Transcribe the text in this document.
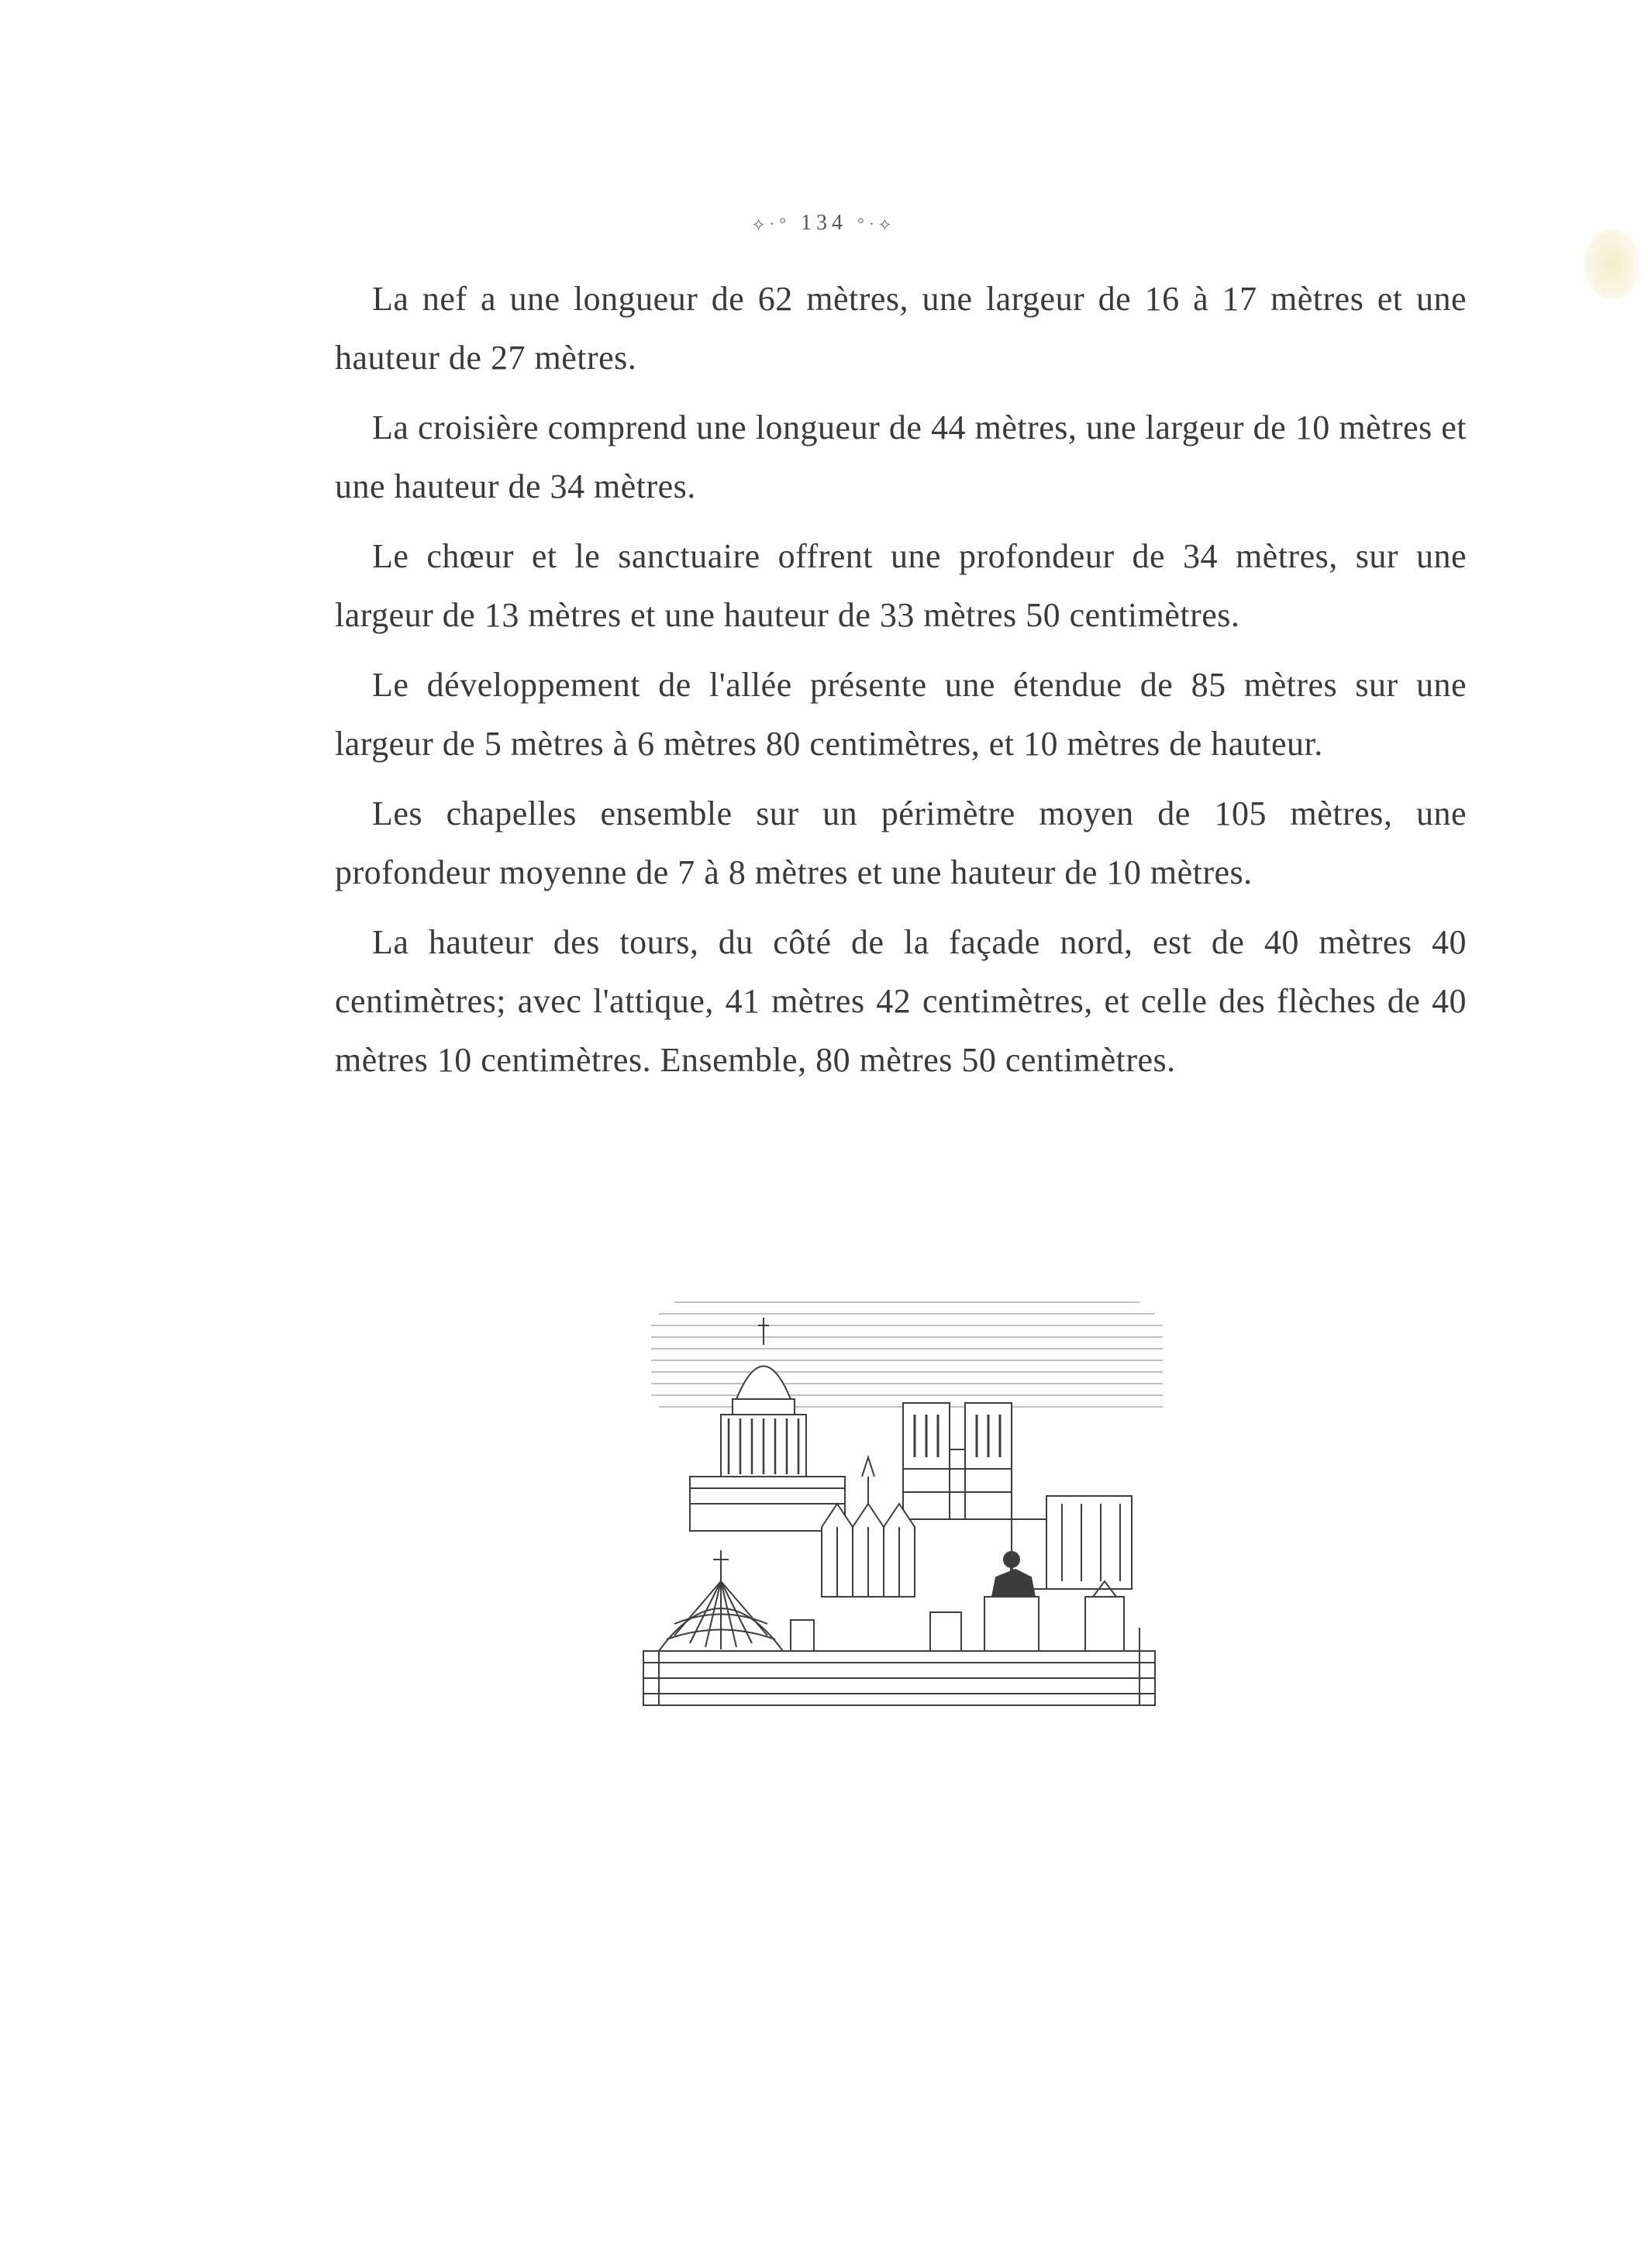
⟡·° 134 °·⟡

La nef a une longueur de 62 mètres, une largeur de 16 à 17 mètres et une hauteur de 27 mètres.

La croisière comprend une longueur de 44 mètres, une largeur de 10 mètres et une hauteur de 34 mètres.

Le chœur et le sanctuaire offrent une profondeur de 34 mètres, sur une largeur de 13 mètres et une hauteur de 33 mètres 50 centimètres.

Le développement de l'allée présente une étendue de 85 mètres sur une largeur de 5 mètres à 6 mètres 80 centimètres, et 10 mètres de hauteur.

Les chapelles ensemble sur un périmètre moyen de 105 mètres, une profondeur moyenne de 7 à 8 mètres et une hauteur de 10 mètres.

La hauteur des tours, du côté de la façade nord, est de 40 mètres 40 centimètres; avec l'attique, 41 mètres 42 centimètres, et celle des flèches de 40 mètres 10 centimètres. Ensemble, 80 mètres 50 centimètres.
